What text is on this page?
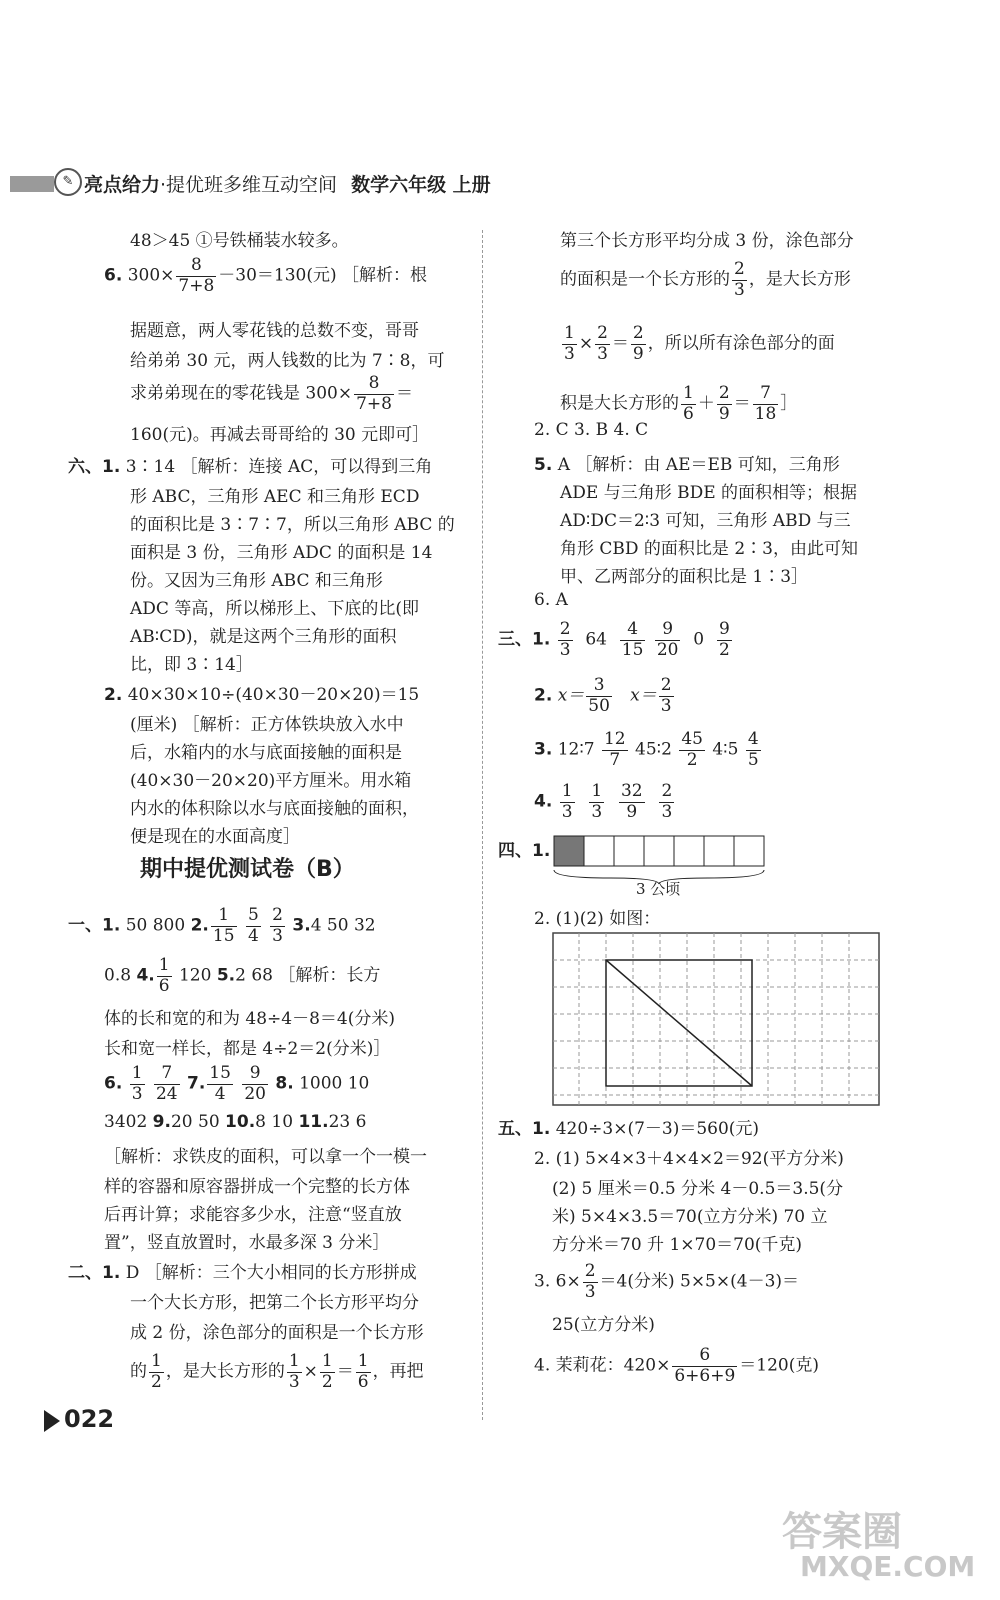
✎ 亮点给力·提优班多维互动空间 数学六年级 上册
48＞45 ①号铁桶装水较多。
6. $300\times \frac{8}{7+8} -30=130$(元) ［解析：根
据题意，两人零花钱的总数不变，哥哥
给弟弟 30 元，两人钱数的比为 7∶8，可
求弟弟现在的零花钱是 $300\times \frac{8}{7+8}$ ＝
160(元)。再减去哥哥给的 30 元即可］
六、1. 3∶14 ［解析：连接 AC，可以得到三角
形 ABC，三角形 AEC 和三角形 ECD
的面积比是 3∶7∶7，所以三角形 ABC 的
面积是 3 份，三角形 ADC 的面积是 14
份。又因为三角形 ABC 和三角形
ADC 等高，所以梯形上、下底的比(即
AB∶CD)，就是这两个三角形的面积
比，即 3∶14］
2. 40×30×10÷(40×30－20×20)＝15
(厘米) ［解析：正方体铁块放入水中
后，水箱内的水与底面接触的面积是
(40×30－20×20)平方厘米。用水箱
内水的体积除以水与底面接触的面积，
便是现在的水面高度］
期中提优测试卷（B）
一、1. 50 800 2. $\frac{1}{15}$
$\frac{5}{4}$
$\frac{2}{3} 3.4$ 50 32
0.8 4. $\frac{1}{6} 120$ 5.2 68 ［解析：长方
体的长和宽的和为 48÷4－8＝4(分米)
长和宽一样长，都是 4÷2＝2(分米)］
6. $\frac{1}{3}$
$\frac{7}{24} 7$. $\frac{15}{4}$
$\frac{9}{20} 8$. 1000 10
3402 9.20 50 10.8 10 11.23 6
［解析：求铁皮的面积，可以拿一个一模一
样的容器和原容器拼成一个完整的长方体
后再计算；求能容多少水，注意“竖直放
置”，竖直放置时，水最多深 3 分米］
二、1. D ［解析：三个大小相同的长方形拼成
一个大长方形，把第二个长方形平均分
成 2 份，涂色部分的面积是一个长方形
的 $\frac{1}{2}$ ，是大长方形的 $\frac{1}{3} \times \frac{1}{2} = \frac{1}{6}$ ，再把
第三个长方形平均分成 3 份，涂色部分
的面积是一个长方形的 $\frac{2}{3}$ ，是大长方形
$\frac{1}{3} \times \frac{2}{3} = \frac{2}{9}$ ，所以所有涂色部分的面
积是大长方形的 $\frac{1}{6} + \frac{2}{9} = \frac{7}{18}$ ］
2. C 3. B 4. C
5. A ［解析：由 AE＝EB 可知，三角形
ADE 与三角形 BDE 的面积相等；根据
AD∶DC＝2∶3 可知，三角形 ABD 与三
角形 CBD 的面积比是 2∶3，由此可知
甲、乙两部分的面积比是 1∶3］
6. A
三、1. $\frac{2}{3} 64 \frac{4}{15}$
$\frac{9}{20} 0 \frac{9}{2}$
2. $x= \frac{3}{50} x= \frac{2}{3}$
3. 12∶7 $\frac{12}{7}$ 45∶2 $\frac{45}{2}$ 4∶5 $\frac{4}{5}$
4. $\frac{1}{3}$
$\frac{1}{3}$
$\frac{32}{9}$
$\frac{2}{3}$
四、1.
3 公顷
2. (1)(2) 如图：
五、1. 420÷3×(7－3)＝560(元)
2. (1) 5×4×3＋4×4×2＝92(平方分米)
(2) 5 厘米＝0.5 分米 4－0.5＝3.5(分
米) 5×4×3.5＝70(立方分米) 70 立
方分米＝70 升 1×70＝70(千克)
3. $6\times \frac{2}{3} =4$(分米) 5×5×(4－3)＝
25(立方分米)
4. 茉莉花：$420\times \frac{6}{6+6+9} =120$(克)
022
答案圈
MXQE.COM
